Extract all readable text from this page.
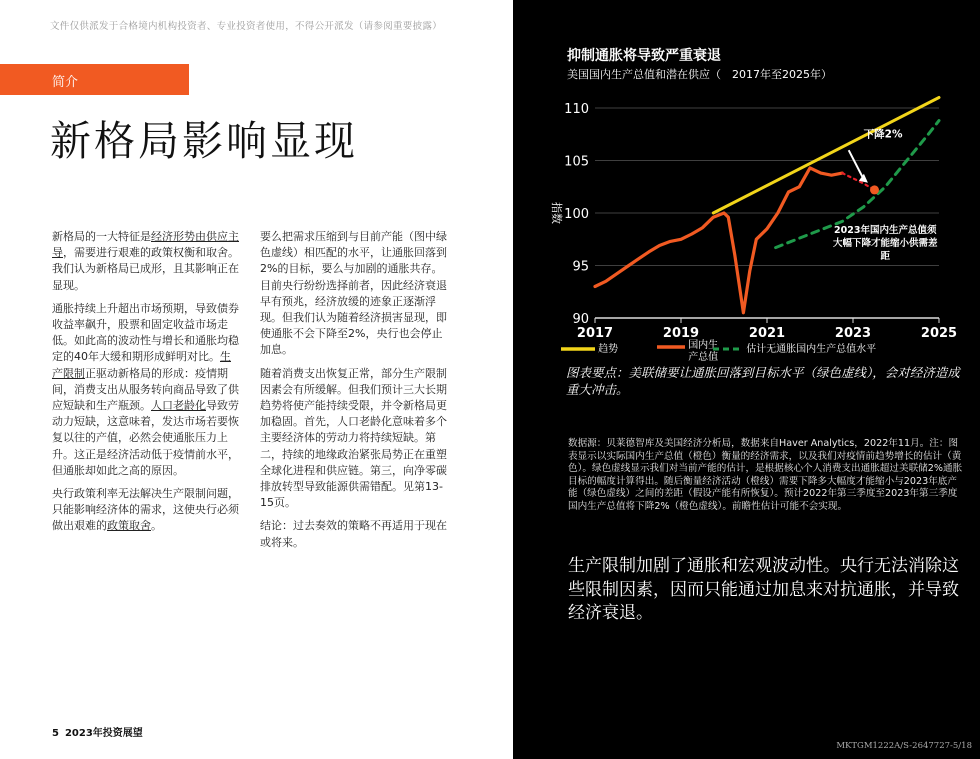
文件仅供派发于合格境内机构投资者、专业投资者使用，不得公开派发（请参阅重要披露）
简介
新格局影响显现

新格局的一大特征是经济形势由供应主导，需要进行艰难的政策权衡和取舍。我们认为新格局已成形，且其影响正在显现。

通胀持续上升超出市场预期，导致债券收益率飙升，股票和固定收益市场走低。如此高的波动性与增长和通胀均稳定的40年大缓和期形成鲜明对比。生产限制正驱动新格局的形成：疫情期间，消费支出从服务转向商品导致了供应短缺和生产瓶颈。人口老龄化导致劳动力短缺，这意味着，发达市场若要恢复以往的产值，必然会使通胀压力上升。这正是经济活动低于疫情前水平，但通胀却如此之高的原因。

央行政策利率无法解决生产限制问题，只能影响经济体的需求，这使央行必须做出艰难的政策取舍。

要么把需求压缩到与目前产能（图中绿色虚线）相匹配的水平，让通胀回落到2%的目标，要么与加剧的通胀共存。目前央行纷纷选择前者，因此经济衰退早有预兆，经济放缓的迹象正逐渐浮现。但我们认为随着经济损害显现，即使通胀不会下降至2%，央行也会停止加息。

随着消费支出恢复正常，部分生产限制因素会有所缓解。但我们预计三大长期趋势将使产能持续受限，并令新格局更加稳固。首先，人口老龄化意味着多个主要经济体的劳动力将持续短缺。第二，持续的地缘政治紧张局势正在重塑全球化进程和供应链。第三，向净零碳排放转型导致能源供需错配。见第13-15页。

结论：过去奏效的策略不再适用于现在或将来。

5 2023年投资展望
抑制通胀将导致严重衰退
美国国内生产总值和潜在供应（　2017年至2025年）
90
95
100
105
110
2017	2019	2021	2023	2025
指数
下降2%
2023年国内生产总值须
大幅下降才能缩小供需差
距
趋势	国内生
产总值
估计无通胀国内生产总值水平
图表要点：美联储要让通胀回落到目标水平（绿色虚线），会对经济造成重大冲击。
数据源：贝莱德智库及美国经济分析局，数据来自Haver Analytics，2022年11月。注：图表显示以实际国内生产总值（橙色）衡量的经济需求，以及我们对疫情前趋势增长的估计（黄色）。绿色虚线显示我们对当前产能的估计，是根据核心个人消费支出通胀超过美联储2%通胀目标的幅度计算得出。随后衡量经济活动（橙线）需要下降多大幅度才能缩小与2023年底产能（绿色虚线）之间的差距（假设产能有所恢复）。预计2022年第三季度至2023年第三季度国内生产总值将下降2%（橙色虚线）。前瞻性估计可能不会实现。
生产限制加剧了通胀和宏观波动性。央行无法消除这些限制因素，因而只能通过加息来对抗通胀，并导致经济衰退。
MKTGM1222A/S-2647727-5/18
